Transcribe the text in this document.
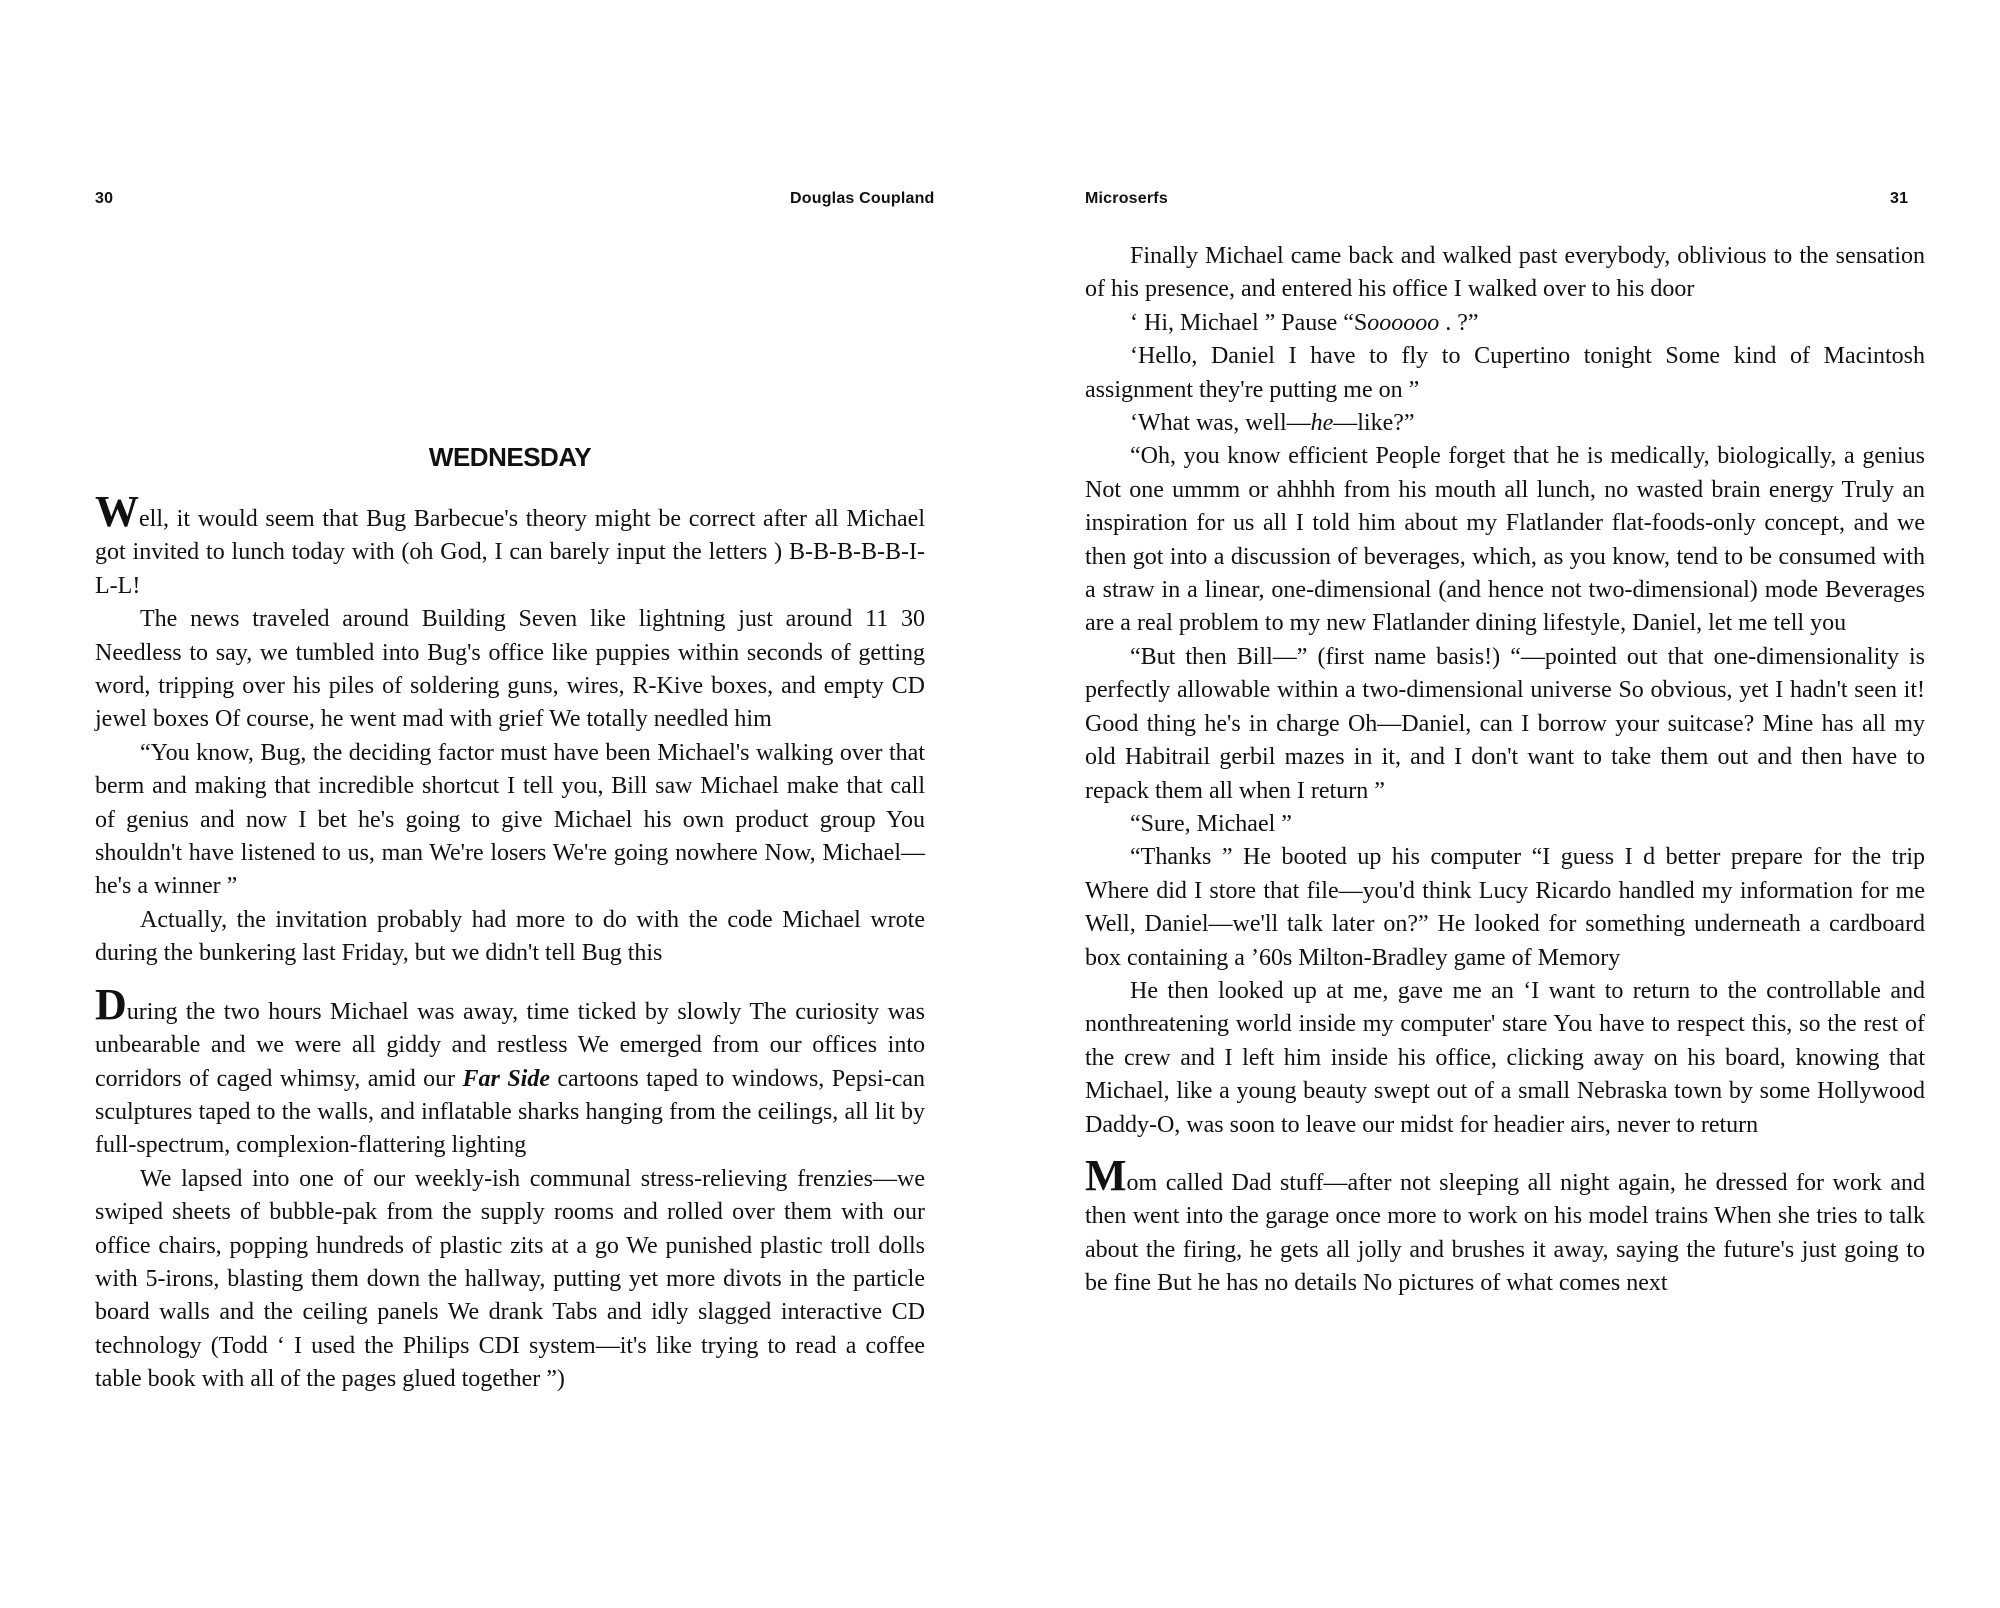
30	Douglas Coupland
WEDNESDAY

Well, it would seem that Bug Barbecue's theory might be correct after all Michael got invited to lunch today with (oh God, I can barely input the letters ) B-B-B-B-B-I-L-L!

The news traveled around Building Seven like lightning just around 11 30 Needless to say, we tumbled into Bug's office like puppies within seconds of getting word, tripping over his piles of soldering guns, wires, R-Kive boxes, and empty CD jewel boxes Of course, he went mad with grief We totally needled him

“You know, Bug, the deciding factor must have been Michael's walking over that berm and making that incredible shortcut I tell you, Bill saw Michael make that call of genius and now I bet he's going to give Michael his own product group You shouldn't have listened to us, man We're losers We're going nowhere Now, Michael—he's a winner ”

Actually, the invitation probably had more to do with the code Michael wrote during the bunkering last Friday, but we didn't tell Bug this

During the two hours Michael was away, time ticked by slowly The curiosity was unbearable and we were all giddy and restless We emerged from our offices into corridors of caged whimsy, amid our Far Side cartoons taped to windows, Pepsi-can sculptures taped to the walls, and inflatable sharks hanging from the ceilings, all lit by full-spectrum, complexion-flattering lighting

We lapsed into one of our weekly-ish communal stress-relieving frenzies—we swiped sheets of bubble-pak from the supply rooms and rolled over them with our office chairs, popping hundreds of plastic zits at a go We punished plastic troll dolls with 5-irons, blasting them down the hallway, putting yet more divots in the particle board walls and the ceiling panels We drank Tabs and idly slagged interactive CD technology (Todd ‘ I used the Philips CDI system—it's like trying to read a coffee table book with all of the pages glued together ”)

Microserfs	31

Finally Michael came back and walked past everybody, oblivious to the sensation of his presence, and entered his office I walked over to his door

‘ Hi, Michael ” Pause “Soooooo . ?”

‘Hello, Daniel I have to fly to Cupertino tonight Some kind of Macintosh assignment they're putting me on ”

‘What was, well—he—like?”

“Oh, you know efficient People forget that he is medically, biologically, a genius Not one ummm or ahhhh from his mouth all lunch, no wasted brain energy Truly an inspiration for us all I told him about my Flatlander flat-foods-only concept, and we then got into a discussion of beverages, which, as you know, tend to be consumed with a straw in a linear, one-dimensional (and hence not two-dimensional) mode Beverages are a real problem to my new Flatlander dining lifestyle, Daniel, let me tell you

“But then Bill—” (first name basis!) “—pointed out that one-dimensionality is perfectly allowable within a two-dimensional universe So obvious, yet I hadn't seen it! Good thing he's in charge Oh—Daniel, can I borrow your suitcase? Mine has all my old Habitrail gerbil mazes in it, and I don't want to take them out and then have to repack them all when I return ”

“Sure, Michael ”

“Thanks ” He booted up his computer “I guess I d better prepare for the trip Where did I store that file—you'd think Lucy Ricardo handled my information for me Well, Daniel—we'll talk later on?” He looked for something underneath a cardboard box containing a ’60s Milton-Bradley game of Memory

He then looked up at me, gave me an ‘I want to return to the controllable and nonthreatening world inside my computer' stare You have to respect this, so the rest of the crew and I left him inside his office, clicking away on his board, knowing that Michael, like a young beauty swept out of a small Nebraska town by some Hollywood Daddy-O, was soon to leave our midst for headier airs, never to return

Mom called Dad stuff—after not sleeping all night again, he dressed for work and then went into the garage once more to work on his model trains When she tries to talk about the firing, he gets all jolly and brushes it away, saying the future's just going to be fine But he has no details No pictures of what comes next
